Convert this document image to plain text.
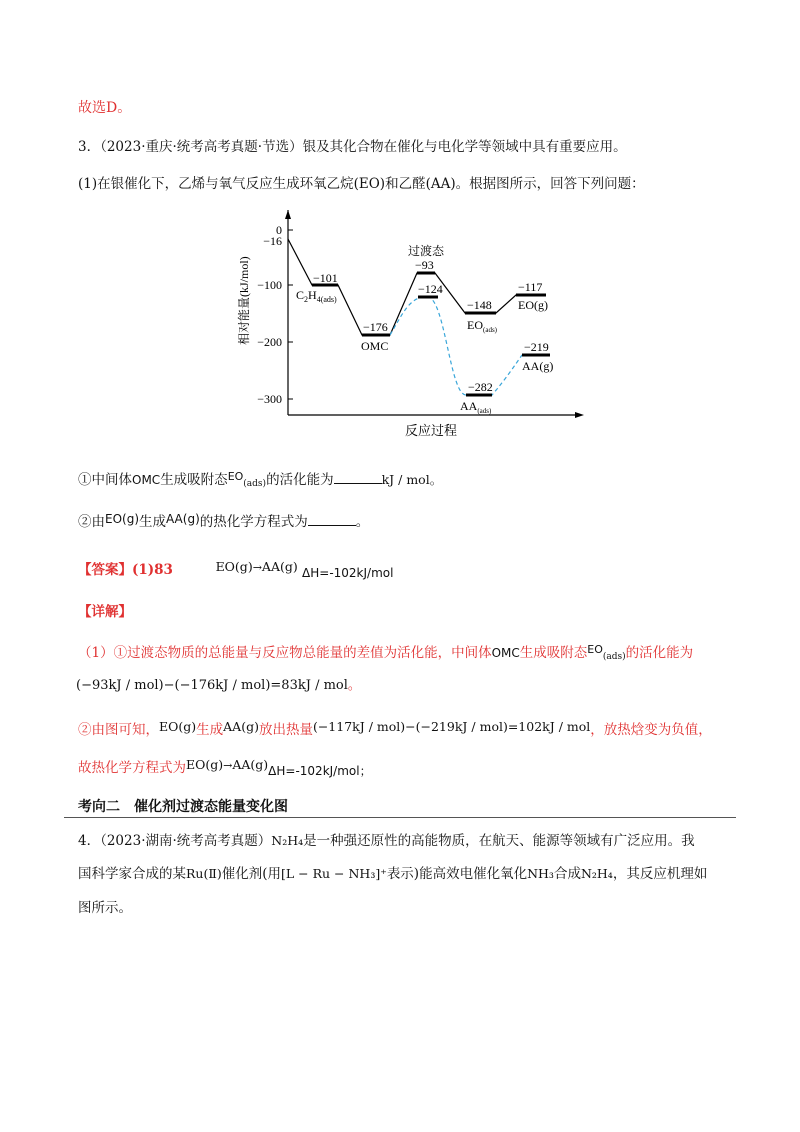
故选D。
3．（2023·重庆·统考高考真题·节选）银及其化合物在催化与电化学等领域中具有重要应用。
(1)在银催化下，乙烯与氧气反应生成环氧乙烷(EO)和乙醛(AA)。根据图所示，回答下列问题：
0
−16
−100
−200
−300
相对能量(kJ/mol)
反应过程
−101
−176
−93
−124
−148
−117
−282
−219
过渡态
$C_2H_{4(ads)}$
OMC
$EO_{(ads)}$
EO(g)
$AA_{(ads)}$
AA(g)
①中间体OMC生成吸附态$^{EO}_{(ads)}$的活化能为	kJ / mol。
②由EO(g)生成AA(g)的热化学方程式为	。
【答案】(1)83	EO(g)→AA(g) ΔH=-102kJ/mol
【详解】
（1）①过渡态物质的总能量与反应物总能量的差值为活化能，中间体OMC生成吸附态$^{EO}_{(ads)}$的活化能为
(−93kJ / mol)−(−176kJ / mol)=83kJ / mol。
②由图可知，EO(g)生成AA(g)放出热量(−117kJ / mol)−(−219kJ / mol)=102kJ / mol，放热焓变为负值，
故热化学方程式为EO(g)→AA(g)ΔH=-102kJ/mol；
考向二　催化剂过渡态能量变化图
4．（2023·湖南·统考高考真题）N₂H₄是一种强还原性的高能物质，在航天、能源等领域有广泛应用。我
国科学家合成的某Ru(Ⅱ)催化剂(用[L − Ru − NH₃]⁺表示)能高效电催化氧化NH₃合成N₂H₄，其反应机理如
图所示。
